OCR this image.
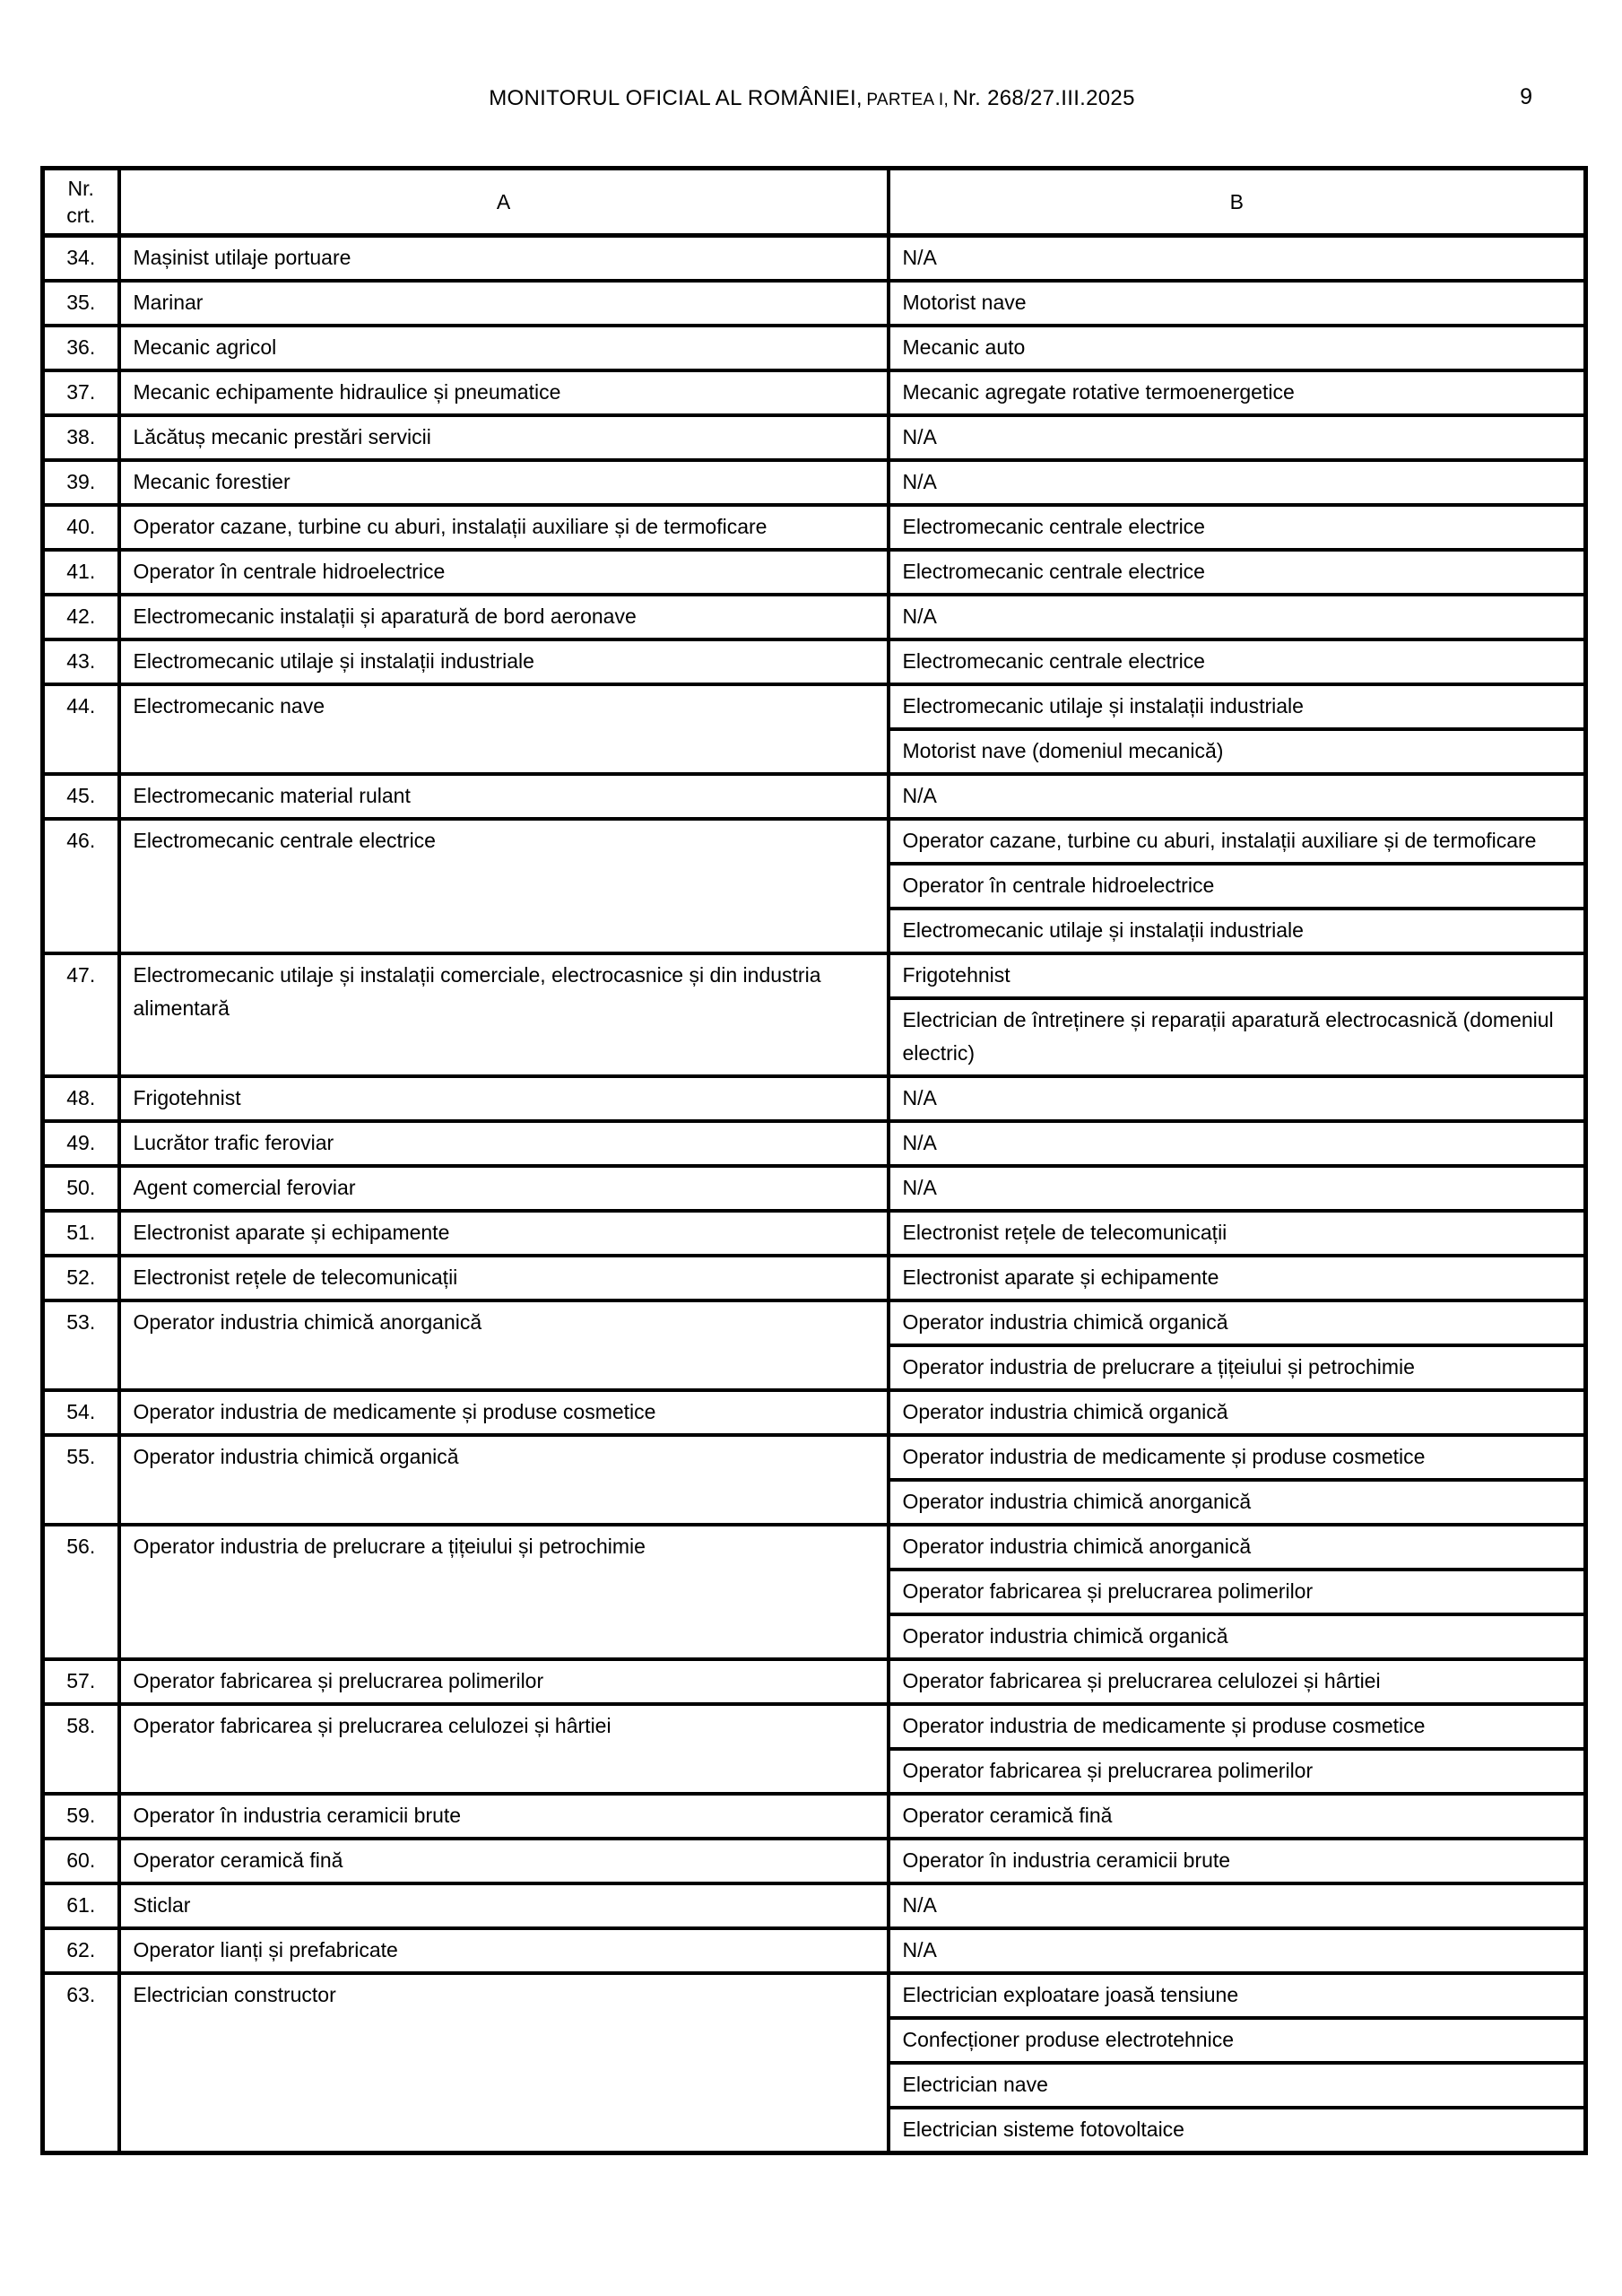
MONITORUL OFICIAL AL ROMÂNIEI, PARTEA I, Nr. 268/27.III.2025	9
Nr.
crt.	A	B
34.	Mașinist utilaje portuare	N/A
35.	Marinar	Motorist nave
36.	Mecanic agricol	Mecanic auto
37.	Mecanic echipamente hidraulice și pneumatice	Mecanic agregate rotative termoenergetice
38.	Lăcătuș mecanic prestări servicii	N/A
39.	Mecanic forestier	N/A
40.	Operator cazane, turbine cu aburi, instalații auxiliare și de termoficare	Electromecanic centrale electrice
41.	Operator în centrale hidroelectrice	Electromecanic centrale electrice
42.	Electromecanic instalații și aparatură de bord aeronave	N/A
43.	Electromecanic utilaje și instalații industriale	Electromecanic centrale electrice
44.	Electromecanic nave	Electromecanic utilaje și instalații industriale
		Motorist nave (domeniul mecanică)
45.	Electromecanic material rulant	N/A
46.	Electromecanic centrale electrice	Operator cazane, turbine cu aburi, instalații auxiliare și de termoficare
		Operator în centrale hidroelectrice
		Electromecanic utilaje și instalații industriale
47.	Electromecanic utilaje și instalații comerciale, electrocasnice și din industria alimentară	Frigotehnist
		Electrician de întreținere și reparații aparatură electrocasnică (domeniul electric)
48.	Frigotehnist	N/A
49.	Lucrător trafic feroviar	N/A
50.	Agent comercial feroviar	N/A
51.	Electronist aparate și echipamente	Electronist rețele de telecomunicații
52.	Electronist rețele de telecomunicații	Electronist aparate și echipamente
53.	Operator industria chimică anorganică	Operator industria chimică organică
		Operator industria de prelucrare a țițeiului și petrochimie
54.	Operator industria de medicamente și produse cosmetice	Operator industria chimică organică
55.	Operator industria chimică organică	Operator industria de medicamente și produse cosmetice
		Operator industria chimică anorganică
56.	Operator industria de prelucrare a țițeiului și petrochimie	Operator industria chimică anorganică
		Operator fabricarea și prelucrarea polimerilor
		Operator industria chimică organică
57.	Operator fabricarea și prelucrarea polimerilor	Operator fabricarea și prelucrarea celulozei și hârtiei
58.	Operator fabricarea și prelucrarea celulozei și hârtiei	Operator industria de medicamente și produse cosmetice
		Operator fabricarea și prelucrarea polimerilor
59.	Operator în industria ceramicii brute	Operator ceramică fină
60.	Operator ceramică fină	Operator în industria ceramicii brute
61.	Sticlar	N/A
62.	Operator lianți și prefabricate	N/A
63.	Electrician constructor	Electrician exploatare joasă tensiune
		Confecționer produse electrotehnice
		Electrician nave
		Electrician sisteme fotovoltaice
